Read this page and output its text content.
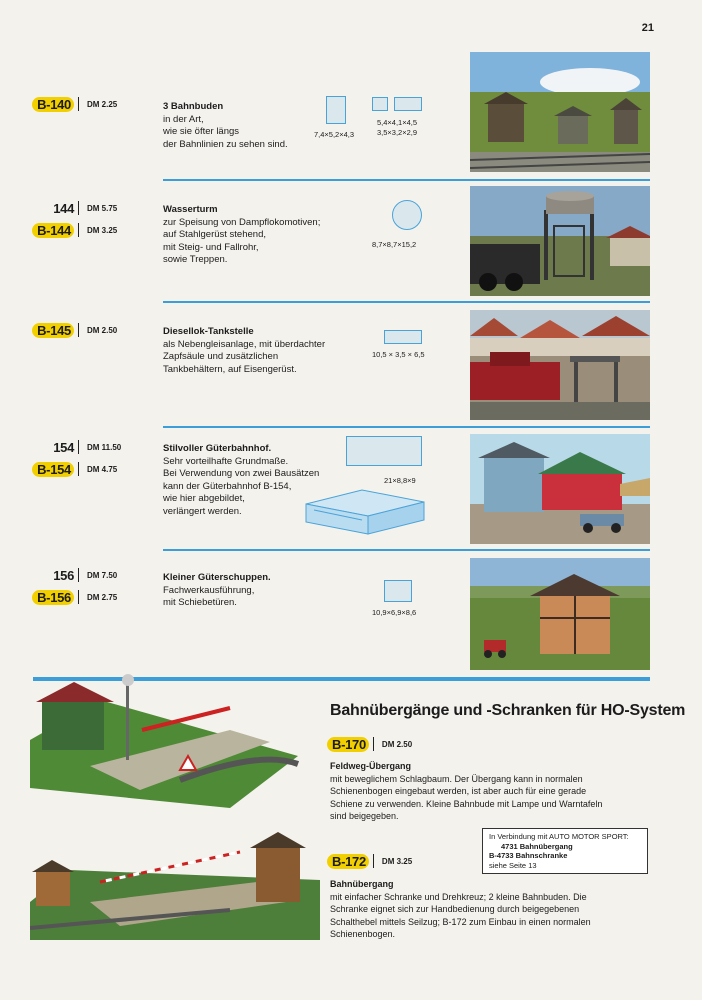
21
B-140	DM 2.25	3 Bahnbuden
in der Art,
wie sie öfter längs
der Bahnlinien zu sehen sind.
7,4×5,2×4,3
5,4×4,1×4,5
3,5×3,2×2,9
144 DM 5.75
B-144	DM 3.25
Wasserturm
zur Speisung von Dampflokomotiven;
auf Stahlgerüst stehend,
mit Steig- und Fallrohr,
sowie Treppen.
8,7×8,7×15,2
B-145	DM 2.50	Diesellok-Tankstelle
als Nebengleisanlage, mit überdachter
Zapfsäule und zusätzlichen
Tankbehältern, auf Eisengerüst.
10,5 × 3,5 × 6,5
154 DM 11.50
B-154	DM 4.75
Stilvoller Güterbahnhof.
Sehr vorteilhafte Grundmaße.
Bei Verwendung von zwei Bausätzen
kann der Güterbahnhof B-154,
wie hier abgebildet,
verlängert werden.
21×8,8×9
156 DM 7.50
B-156	DM 2.75
Kleiner Güterschuppen.
Fachwerkausführung,
mit Schiebetüren.
10,9×6,9×8,6
Bahnübergänge und -Schranken für HO-System
B-170	DM 2.50
Feldweg-Übergang
mit beweglichem Schlagbaum. Der Übergang kann in normalen
Schienenbogen eingebaut werden, ist aber auch für eine gerade
Schiene zu verwenden. Kleine Bahnbude mit Lampe und Warntafeln
sind beigegeben.
In Verbindung mit AUTO MOTOR SPORT:
4731 Bahnübergang
B-4733 Bahnschranke
siehe Seite 13
B-172	DM 3.25
Bahnübergang
mit einfacher Schranke und Drehkreuz; 2 kleine Bahnbuden. Die
Schranke eignet sich zur Handbedienung durch beigegebenen
Schalthebel mittels Seilzug; B-172 zum Einbau in einen normalen
Schienenbogen.
